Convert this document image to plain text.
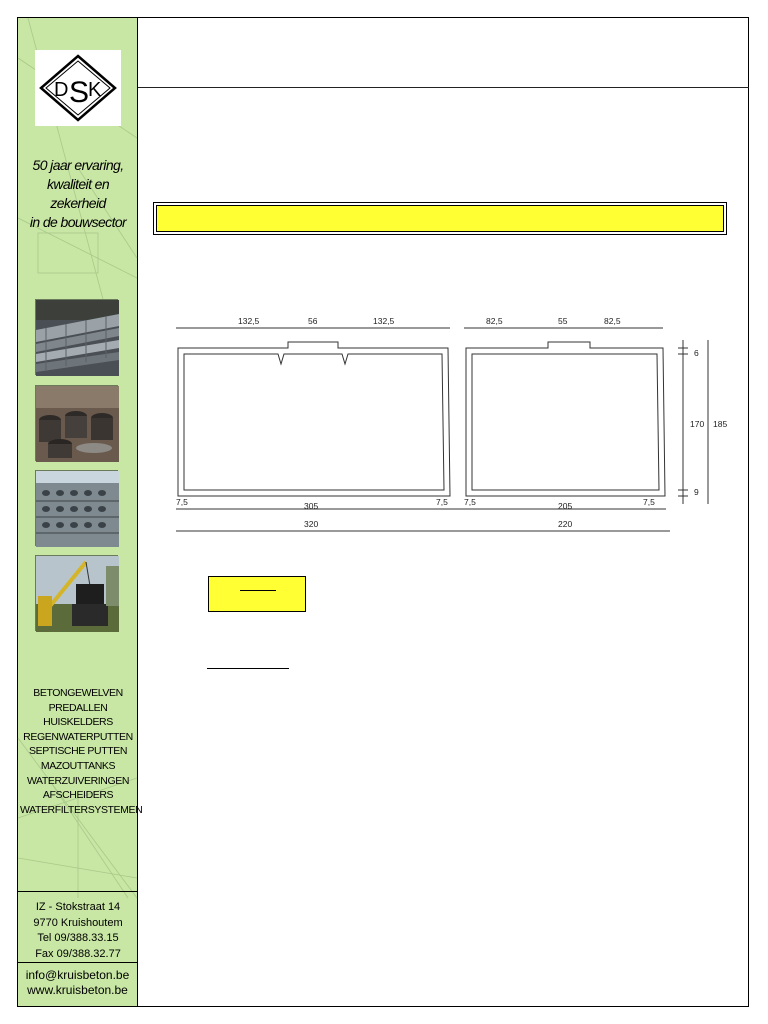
D S
K
50 jaar ervaring,
kwaliteit en zekerheid
in de bouwsector
BETONGEWELVEN
PREDALLEN
HUISKELDERS
REGENWATERPUTTEN
SEPTISCHE PUTTEN
MAZOUTTANKS
WATERZUIVERINGEN
AFSCHEIDERS
WATERFILTERSYSTEMEN
IZ - Stokstraat 14
9770 Kruishoutem
Tel 09/388.33.15
Fax 09/388.32.77
info@kruisbeton.be
www.kruisbeton.be
132,5	56	132,5	82,5	55	82,5
7,5	305	7,5 7,5	205	7,5
320	220
6
170
9
185
